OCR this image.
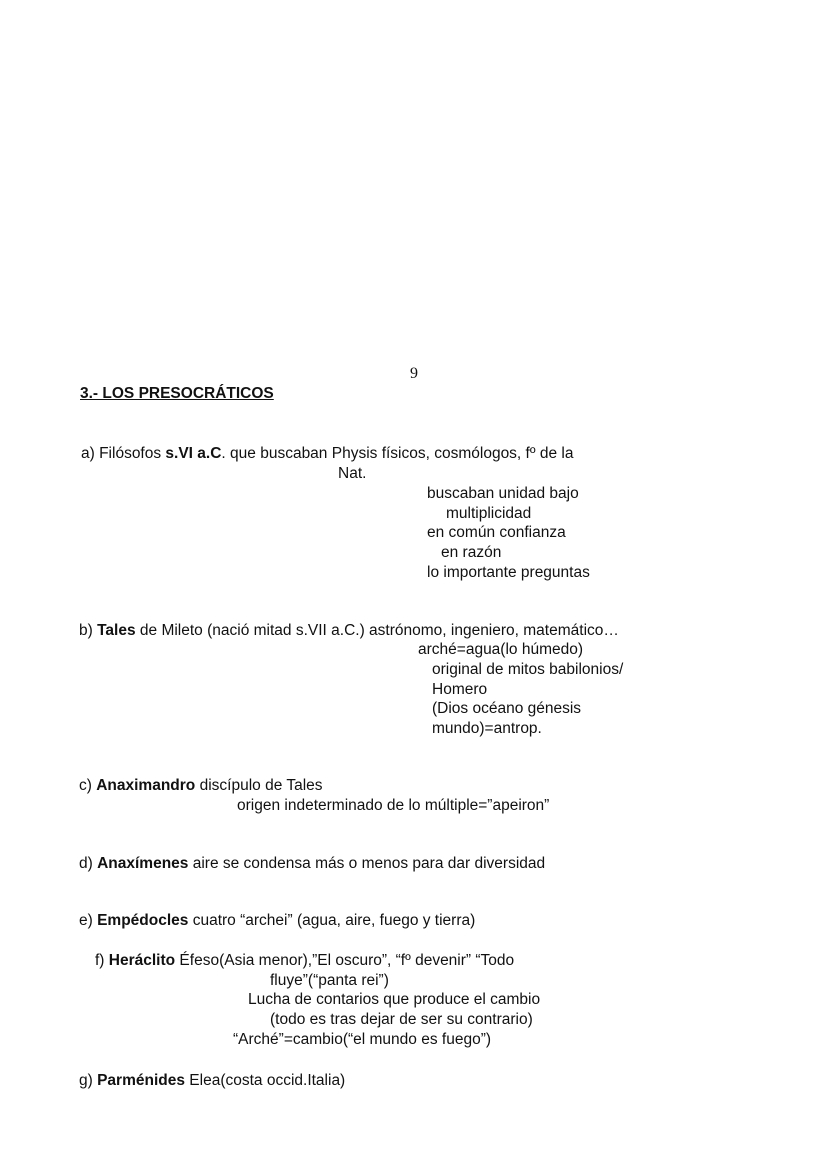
9
3.- LOS PRESOCRÁTICOS
a) Filósofos s.VI a.C. que buscaban Physis físicos, cosmólogos, fº de la
Nat.
buscaban unidad bajo
multiplicidad
en común confianza
en razón
lo importante preguntas
b) Tales de Mileto (nació mitad s.VII a.C.) astrónomo, ingeniero, matemático…
arché=agua(lo húmedo)
original de mitos babilonios/
Homero
(Dios océano génesis
mundo)=antrop.
c) Anaximandro discípulo de Tales
origen indeterminado de lo múltiple=”apeiron”
d) Anaxímenes aire se condensa más o menos para dar diversidad
e) Empédocles cuatro “archei” (agua, aire, fuego y tierra)
f) Heráclito Éfeso(Asia menor),”El oscuro”, “fº devenir” “Todo
fluye”(“panta rei”)
Lucha de contarios que produce el cambio
(todo es tras dejar de ser su contrario)
“Arché”=cambio(“el mundo es fuego”)
g) Parménides Elea(costa occid.Italia)
